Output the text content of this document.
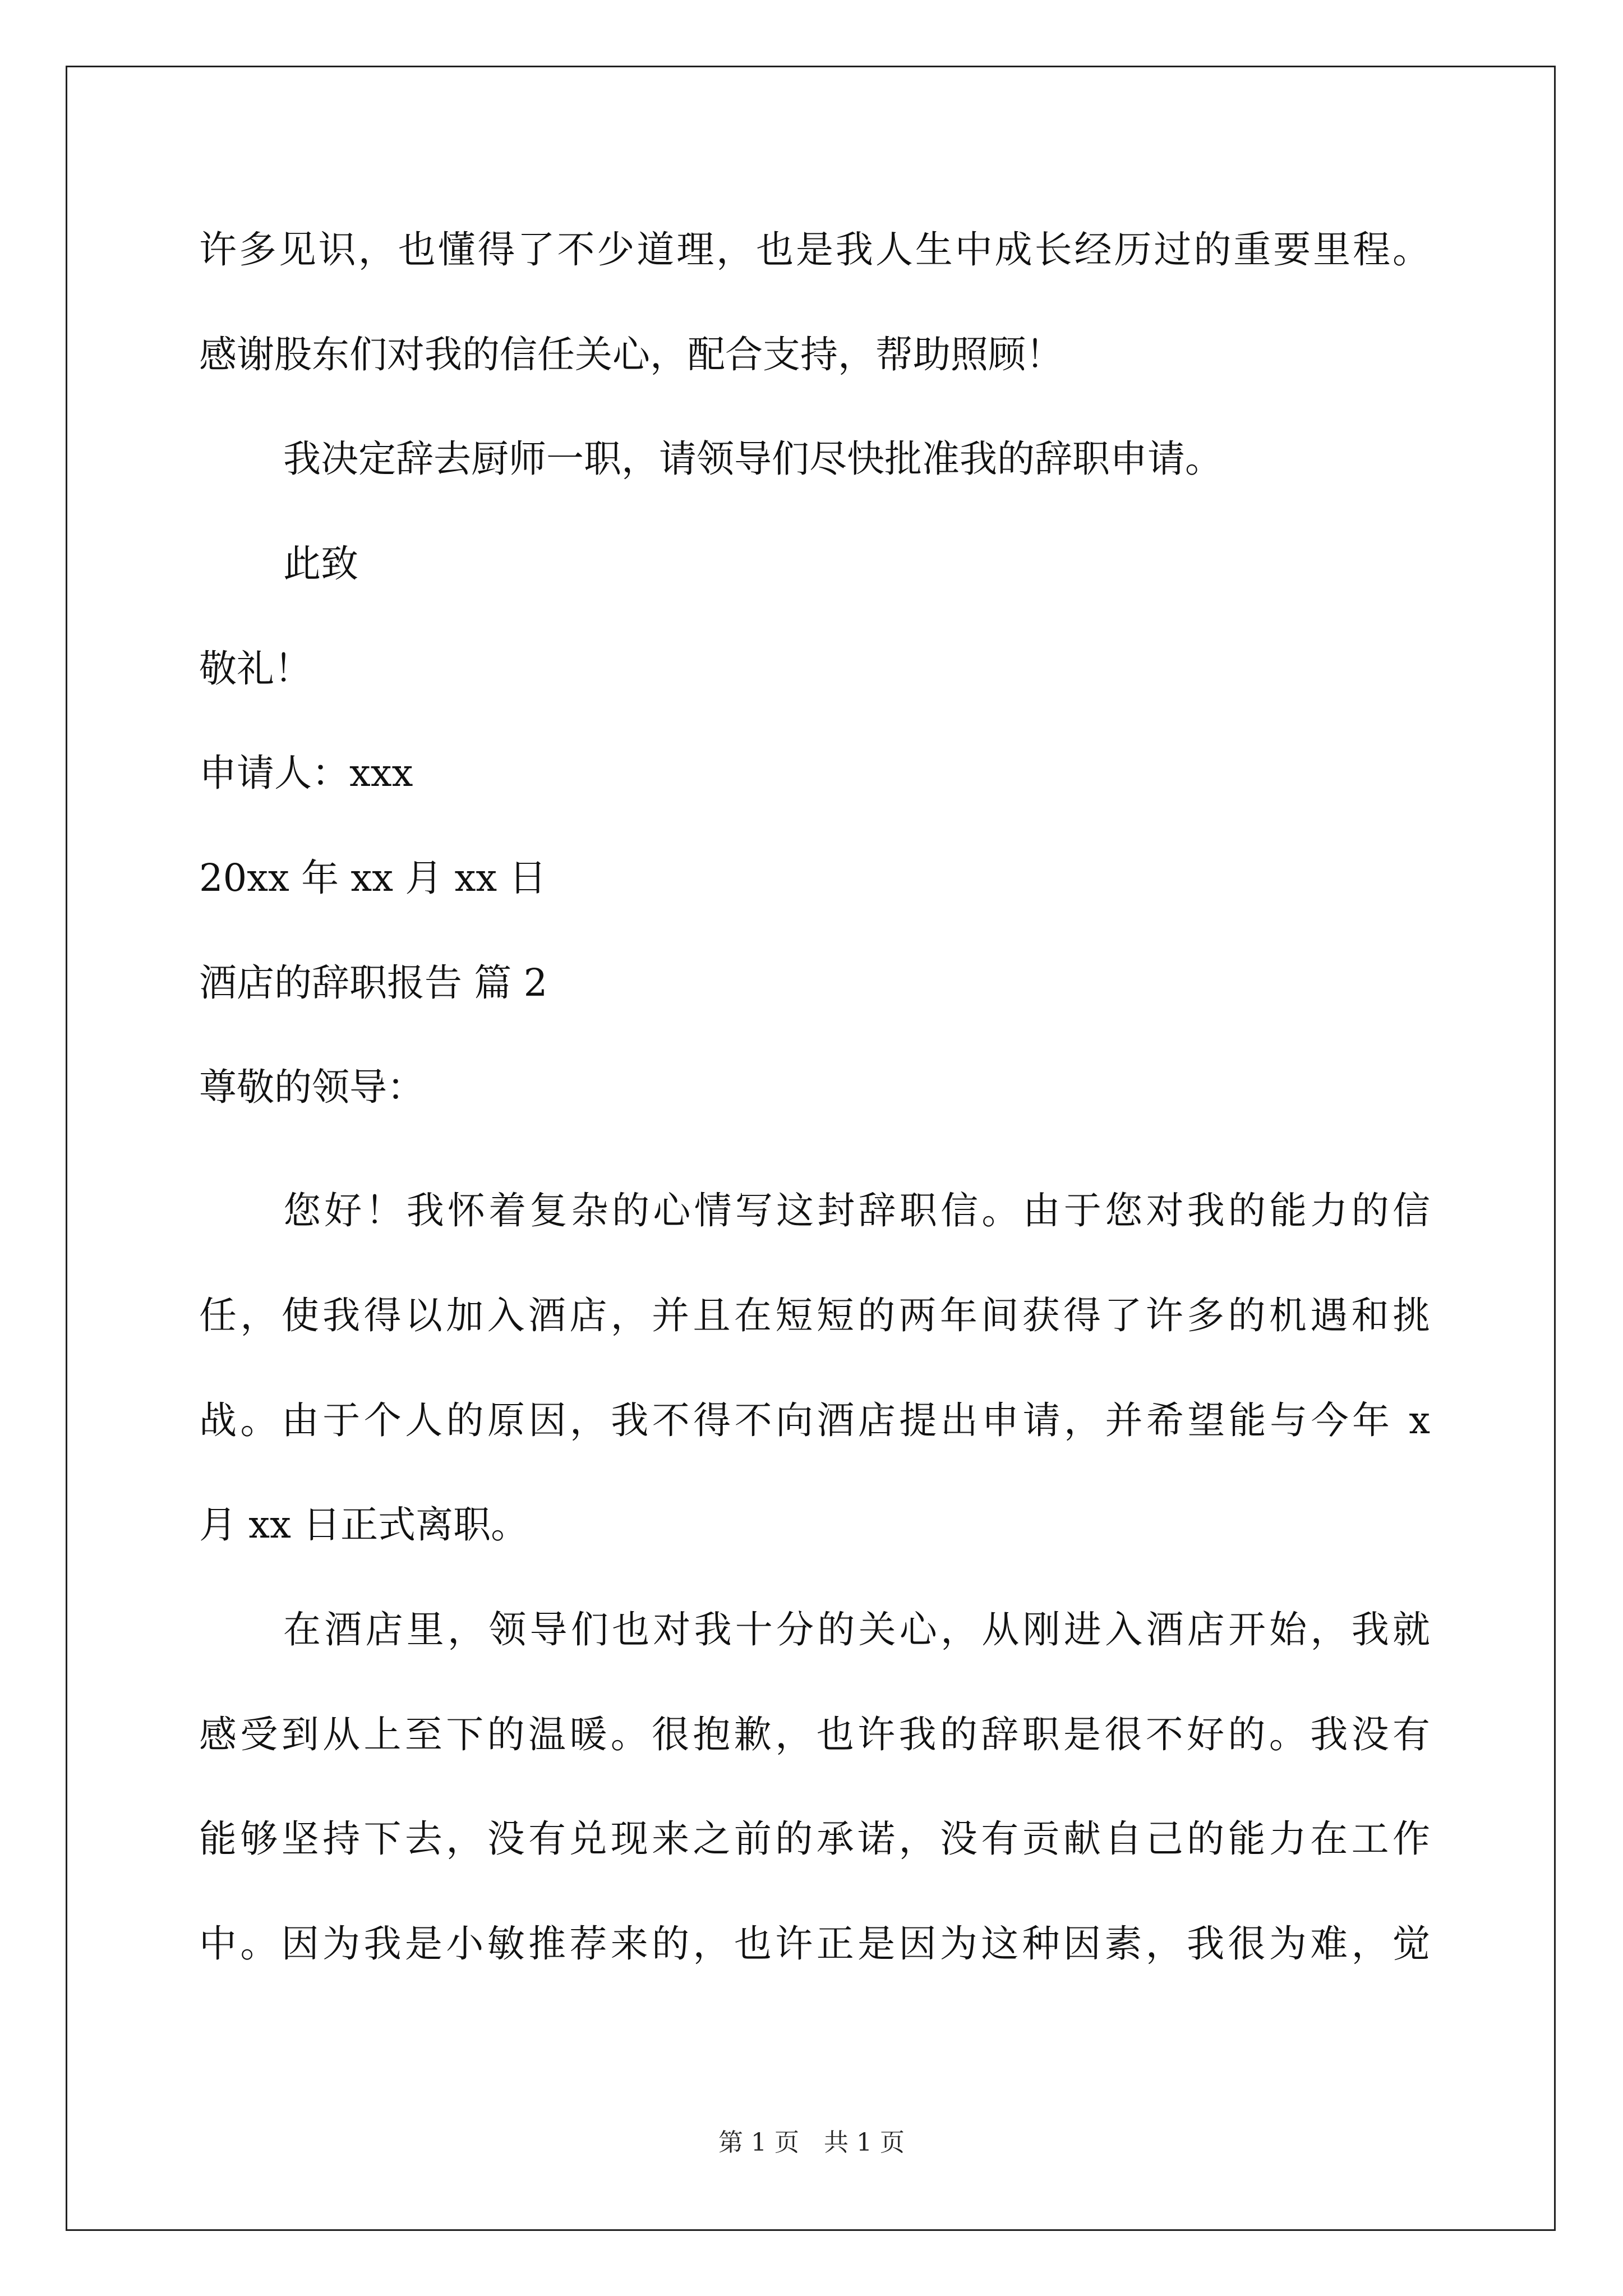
许多见识，也懂得了不少道理，也是我人生中成长经历过的重要里程。
感谢股东们对我的信任关心，配合支持，帮助照顾！
我决定辞去厨师一职，请领导们尽快批准我的辞职申请。
此致
敬礼！
申请人：xxx
20xx 年 xx 月 xx 日
酒店的辞职报告 篇 2
尊敬的领导：
您好！我怀着复杂的心情写这封辞职信。由于您对我的能力的信
任，使我得以加入酒店，并且在短短的两年间获得了许多的机遇和挑
战。由于个人的原因，我不得不向酒店提出申请，并希望能与今年 x
月 xx 日正式离职。
在酒店里，领导们也对我十分的关心，从刚进入酒店开始，我就
感受到从上至下的温暖。很抱歉，也许我的辞职是很不好的。我没有
能够坚持下去，没有兑现来之前的承诺，没有贡献自己的能力在工作
中。因为我是小敏推荐来的，也许正是因为这种因素，我很为难，觉
第 1 页　共 1 页
